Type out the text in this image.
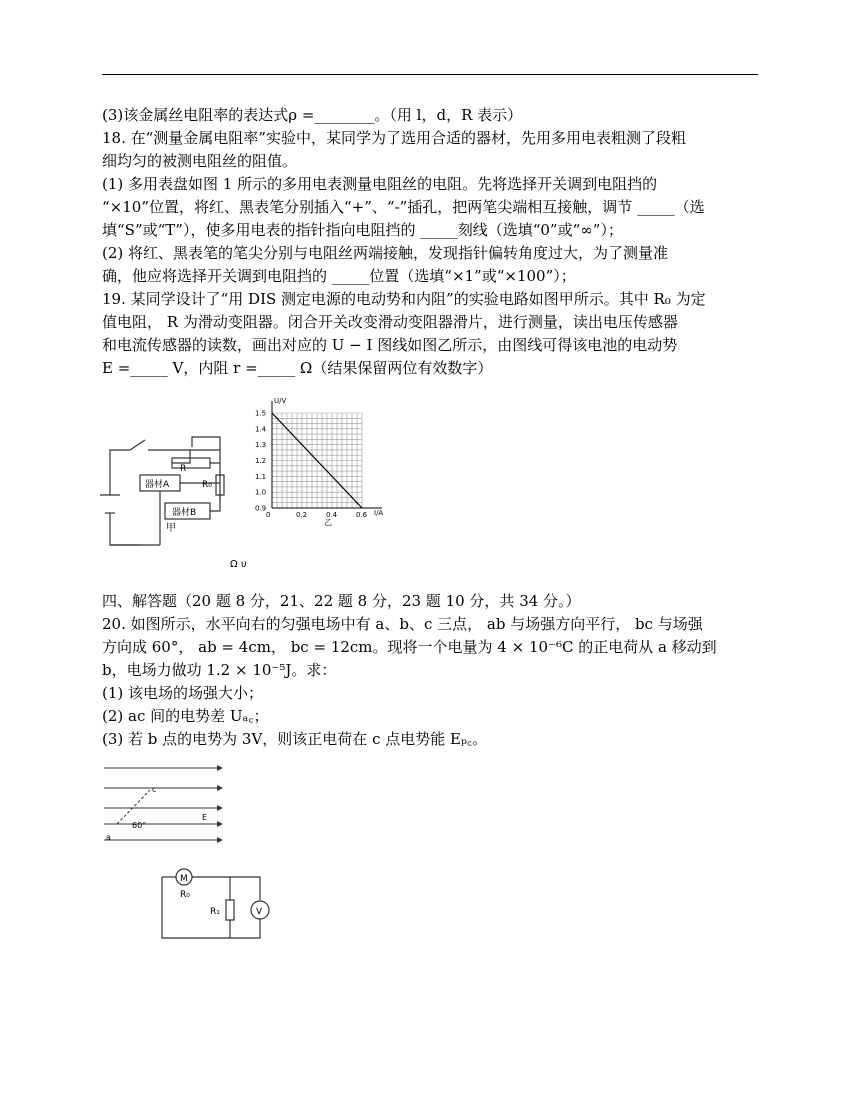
(3)该金属丝电阻率的表达式ρ =________。（用 l，d，R 表示）
18. 在“测量金属电阻率”实验中，某同学为了选用合适的器材，先用多用电表粗测了段粗
细均匀的被测电阻丝的阻值。
(1) 多用表盘如图 1 所示的多用电表测量电阻丝的电阻。先将选择开关调到电阻挡的
“×10”位置，将红、黑表笔分别插入“+”、“-”插孔，把两笔尖端相互接触，调节 _____（选
填“S”或“T”），使多用电表的指针指向电阻挡的 _____刻线（选填“0”或“∞”）；
(2) 将红、黑表笔的笔尖分别与电阻丝两端接触，发现指针偏转角度过大，为了测量准
确，他应将选择开关调到电阻挡的 _____位置（选填“×1”或“×100”）；
19. 某同学设计了“用 DIS 测定电源的电动势和内阻”的实验电路如图甲所示。其中 R₀ 为定
值电阻， R 为滑动变阻器。闭合开关改变滑动变阻器滑片，进行测量，读出电压传感器
和电流传感器的读数，画出对应的 U − I 图线如图乙所示，由图线可得该电池的电动势
E =_____ V，内阻 r =_____ Ω（结果保留两位有效数字）
四、解答题（20 题 8 分，21、22 题 8 分，23 题 10 分，共 34 分。）
20. 如图所示，水平向右的匀强电场中有 a、b、c 三点， ab 与场强方向平行， bc 与场强
方向成 60°， ab = 4cm， bc = 12cm。现将一个电量为 4 × 10⁻⁶C 的正电荷从 a 移动到
b，电场力做功 1.2 × 10⁻⁵J。求：
(1) 该电场的场强大小；
(2) ac 间的电势差 Uₐ꜀；
(3) 若 b 点的电势为 3V，则该正电荷在 c 点电势能 Eₚ꜀。
R
R₀
器材A
器材B
甲
Ω υ
1.5
1.4
1.3
1.2
1.1
1.0
0.9
0	0.2	0.4	0.6
U/V
I/A
乙
c
60°
E
a
M
R₀
R₁	V
